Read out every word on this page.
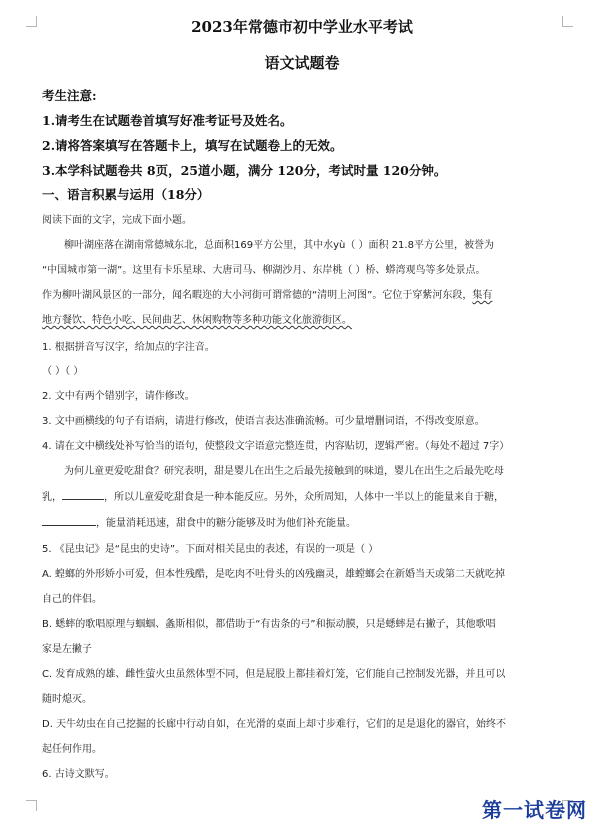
2023年常德市初中学业水平考试
语文试题卷
考生注意:
1.请考生在试题卷首填写好准考证号及姓名。
2.请将答案填写在答题卡上，填写在试题卷上的无效。
3.本学科试题卷共 8页，25道小题，满分 120分，考试时量 120分钟。
一、语言积累与运用（18分）
阅读下面的文字，完成下面小题。
柳叶湖座落在湖南常德城东北，总面积169平方公里，其中水yù（ ）面积 21.8平方公里，被誉为
“中国城市第一湖”。这里有卡乐星球、大唐司马、柳湖沙月、东岸桃（ ）桥、蟒湾观鸟等多处景点。
作为柳叶湖风景区的一部分，闻名暇迩的大小河街可谓常德的“清明上河图”。它位于穿紫河东段，集有
地方餐饮、特色小吃、民间曲艺、休闲购物等多种功能文化旅游街区。
1. 根据拼音写汉字，给加点的字注音。
（ ）（ ）
2. 文中有两个错别字，请作修改。
3. 文中画横线的句子有语病，请进行修改，使语言表达准确流畅。可少量增删词语，不得改变原意。
4. 请在文中横线处补写恰当的语句，使整段文字语意完整连贯，内容贴切，逻辑严密。（每处不超过 7字）
为何儿童更爱吃甜食？研究表明，甜是婴儿在出生之后最先接触到的味道，婴儿在出生之后最先吃母
乳，	，所以儿童爱吃甜食是一种本能反应。另外，众所周知，人体中一半以上的能量来自于糖，
，能量消耗迅速，甜食中的糖分能够及时为他们补充能量。
5. 《昆虫记》是“昆虫的史诗”。下面对相关昆虫的表述，有误的一项是（ ）
A. 蝗螂的外形娇小可爱，但本性残酷，是吃肉不吐骨头的凶残幽灵，雄螳螂会在新婚当天或第二天就吃掉
自己的伴侣。
B. 蟋蟀的歌唱原理与蝈蝈、螽斯相似，都借助于“有齿条的弓”和振动膜，只是蟋蟀是右撇子，其他歌唱
家是左撇子
C. 发育成熟的雄、雌性萤火虫虽然体型不同，但是屁股上都挂着灯笼，它们能自己控制发光器，并且可以
随时熄灭。
D. 天牛幼虫在自己挖掘的长廊中行动自如，在光滑的桌面上却寸步难行，它们的足是退化的器官，始终不
起任何作用。
6. 古诗文默写。
第一试卷网
